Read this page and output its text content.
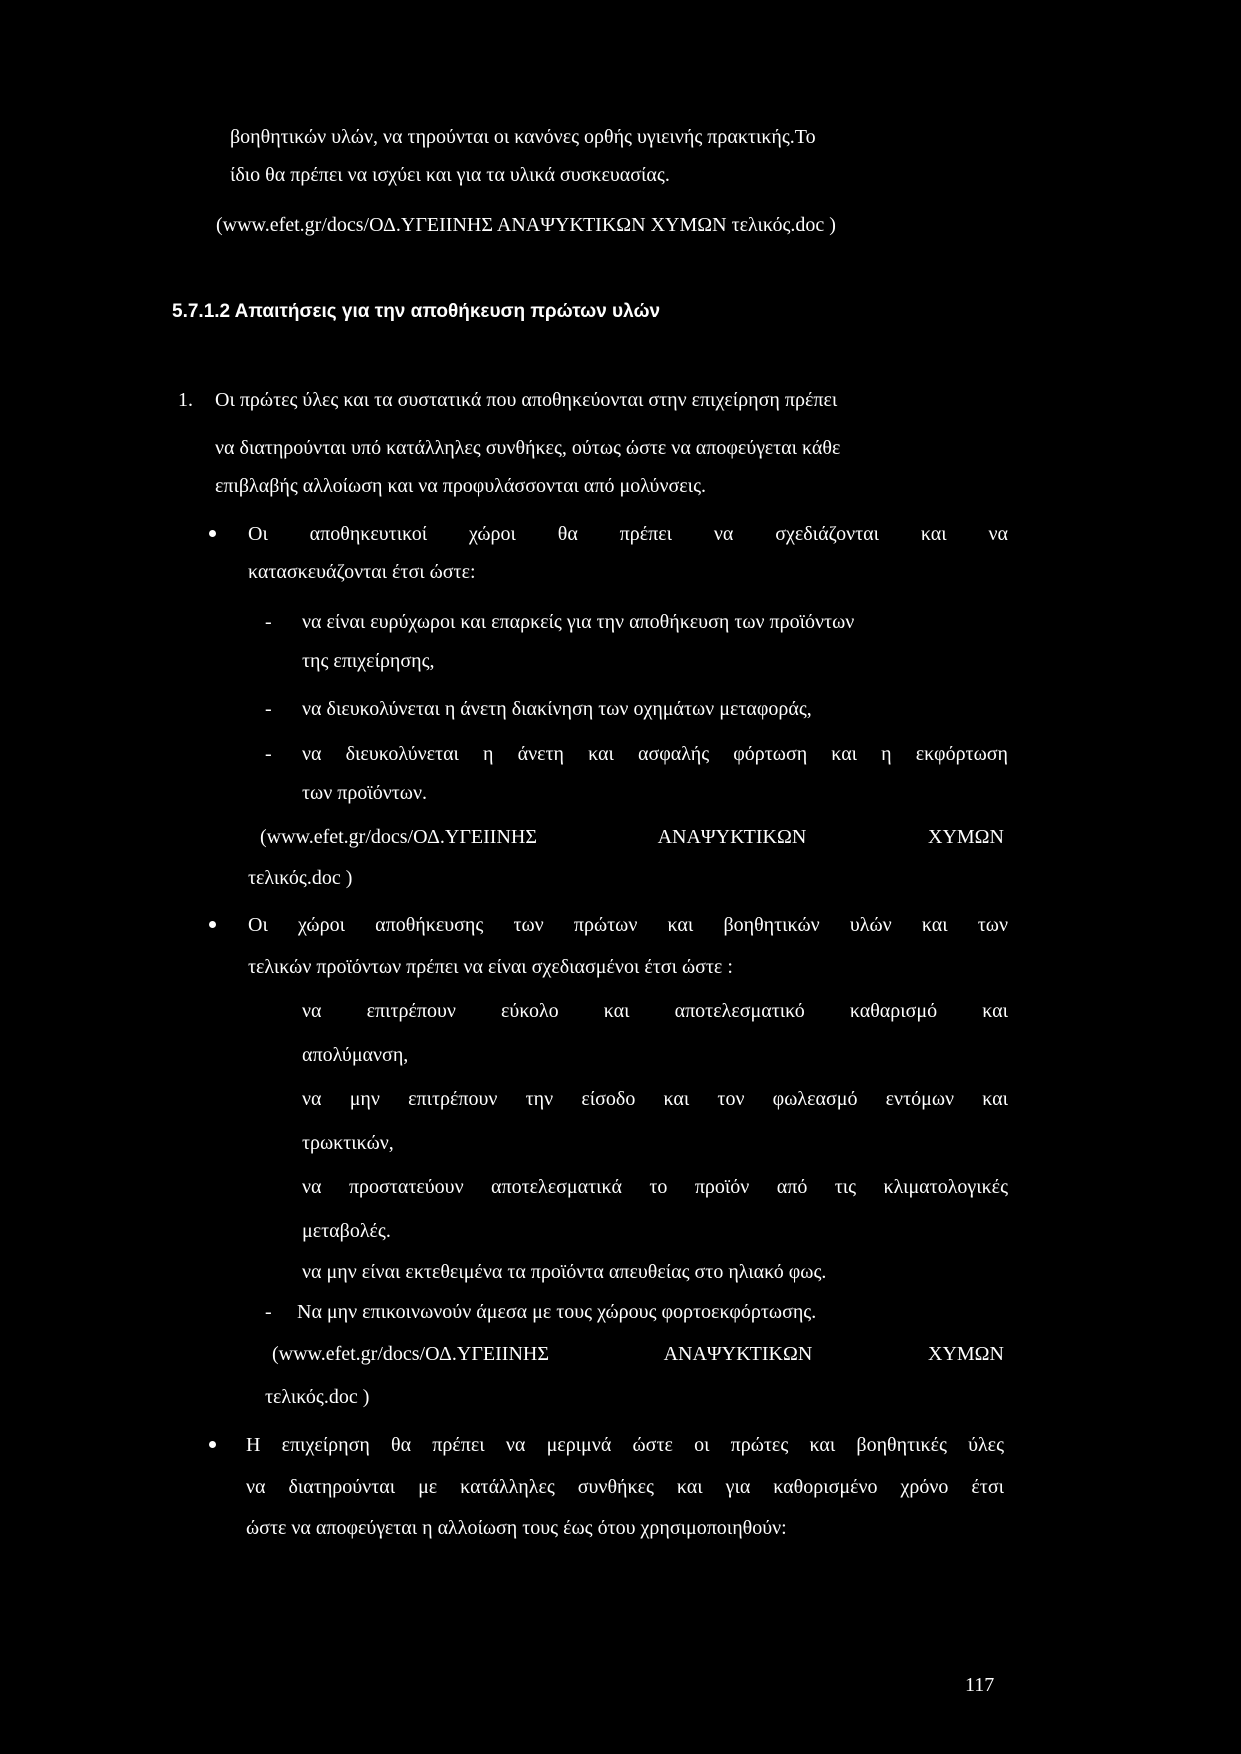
βοηθητικών υλών, να τηρούνται οι κανόνες ορθής υγιεινής πρακτικής.Το
ίδιο θα πρέπει να ισχύει και για τα υλικά συσκευασίας.
(www.efet.gr/docs/ΟΔ.ΥΓΕΙΙΝΗΣ ΑΝΑΨΥΚΤΙΚΩΝ ΧΥΜΩΝ τελικός.doc )
5.7.1.2 Απαιτήσεις για την αποθήκευση πρώτων υλών
1. Οι πρώτες ύλες και τα συστατικά που αποθηκεύονται στην επιχείρηση πρέπει
να διατηρούνται υπό κατάλληλες συνθήκες, ούτως ώστε να αποφεύγεται κάθε
επιβλαβής αλλοίωση και να προφυλάσσονται από μολύνσεις.
Οι αποθηκευτικοί χώροι θα πρέπει να σχεδιάζονται και να
κατασκευάζονται έτσι ώστε:
- να είναι ευρύχωροι και επαρκείς για την αποθήκευση των προϊόντων
της επιχείρησης,
- να διευκολύνεται η άνετη διακίνηση των οχημάτων μεταφοράς,
- να διευκολύνεται η άνετη και ασφαλής φόρτωση και η εκφόρτωση
των προϊόντων.
(www.efet.gr/docs/ΟΔ.ΥΓΕΙΙΝΗΣ ΑΝΑΨΥΚΤΙΚΩΝ ΧΥΜΩΝ
τελικός.doc )
Οι χώροι αποθήκευσης των πρώτων και βοηθητικών υλών και των
τελικών προϊόντων πρέπει να είναι σχεδιασμένοι έτσι ώστε :
να επιτρέπουν εύκολο και αποτελεσματικό καθαρισμό και
απολύμανση,
να μην επιτρέπουν την είσοδο και τον φωλεασμό εντόμων και
τρωκτικών,
να προστατεύουν αποτελεσματικά το προϊόν από τις κλιματολογικές
μεταβολές.
να μην είναι εκτεθειμένα τα προϊόντα απευθείας στο ηλιακό φως.
- Να μην επικοινωνούν άμεσα με τους χώρους φορτοεκφόρτωσης.
(www.efet.gr/docs/ΟΔ.ΥΓΕΙΙΝΗΣ ΑΝΑΨΥΚΤΙΚΩΝ ΧΥΜΩΝ
τελικός.doc )
Η επιχείρηση θα πρέπει να μεριμνά ώστε οι πρώτες και βοηθητικές ύλες
να διατηρούνται με κατάλληλες συνθήκες και για καθορισμένο χρόνο έτσι
ώστε να αποφεύγεται η αλλοίωση τους έως ότου χρησιμοποιηθούν:
117
